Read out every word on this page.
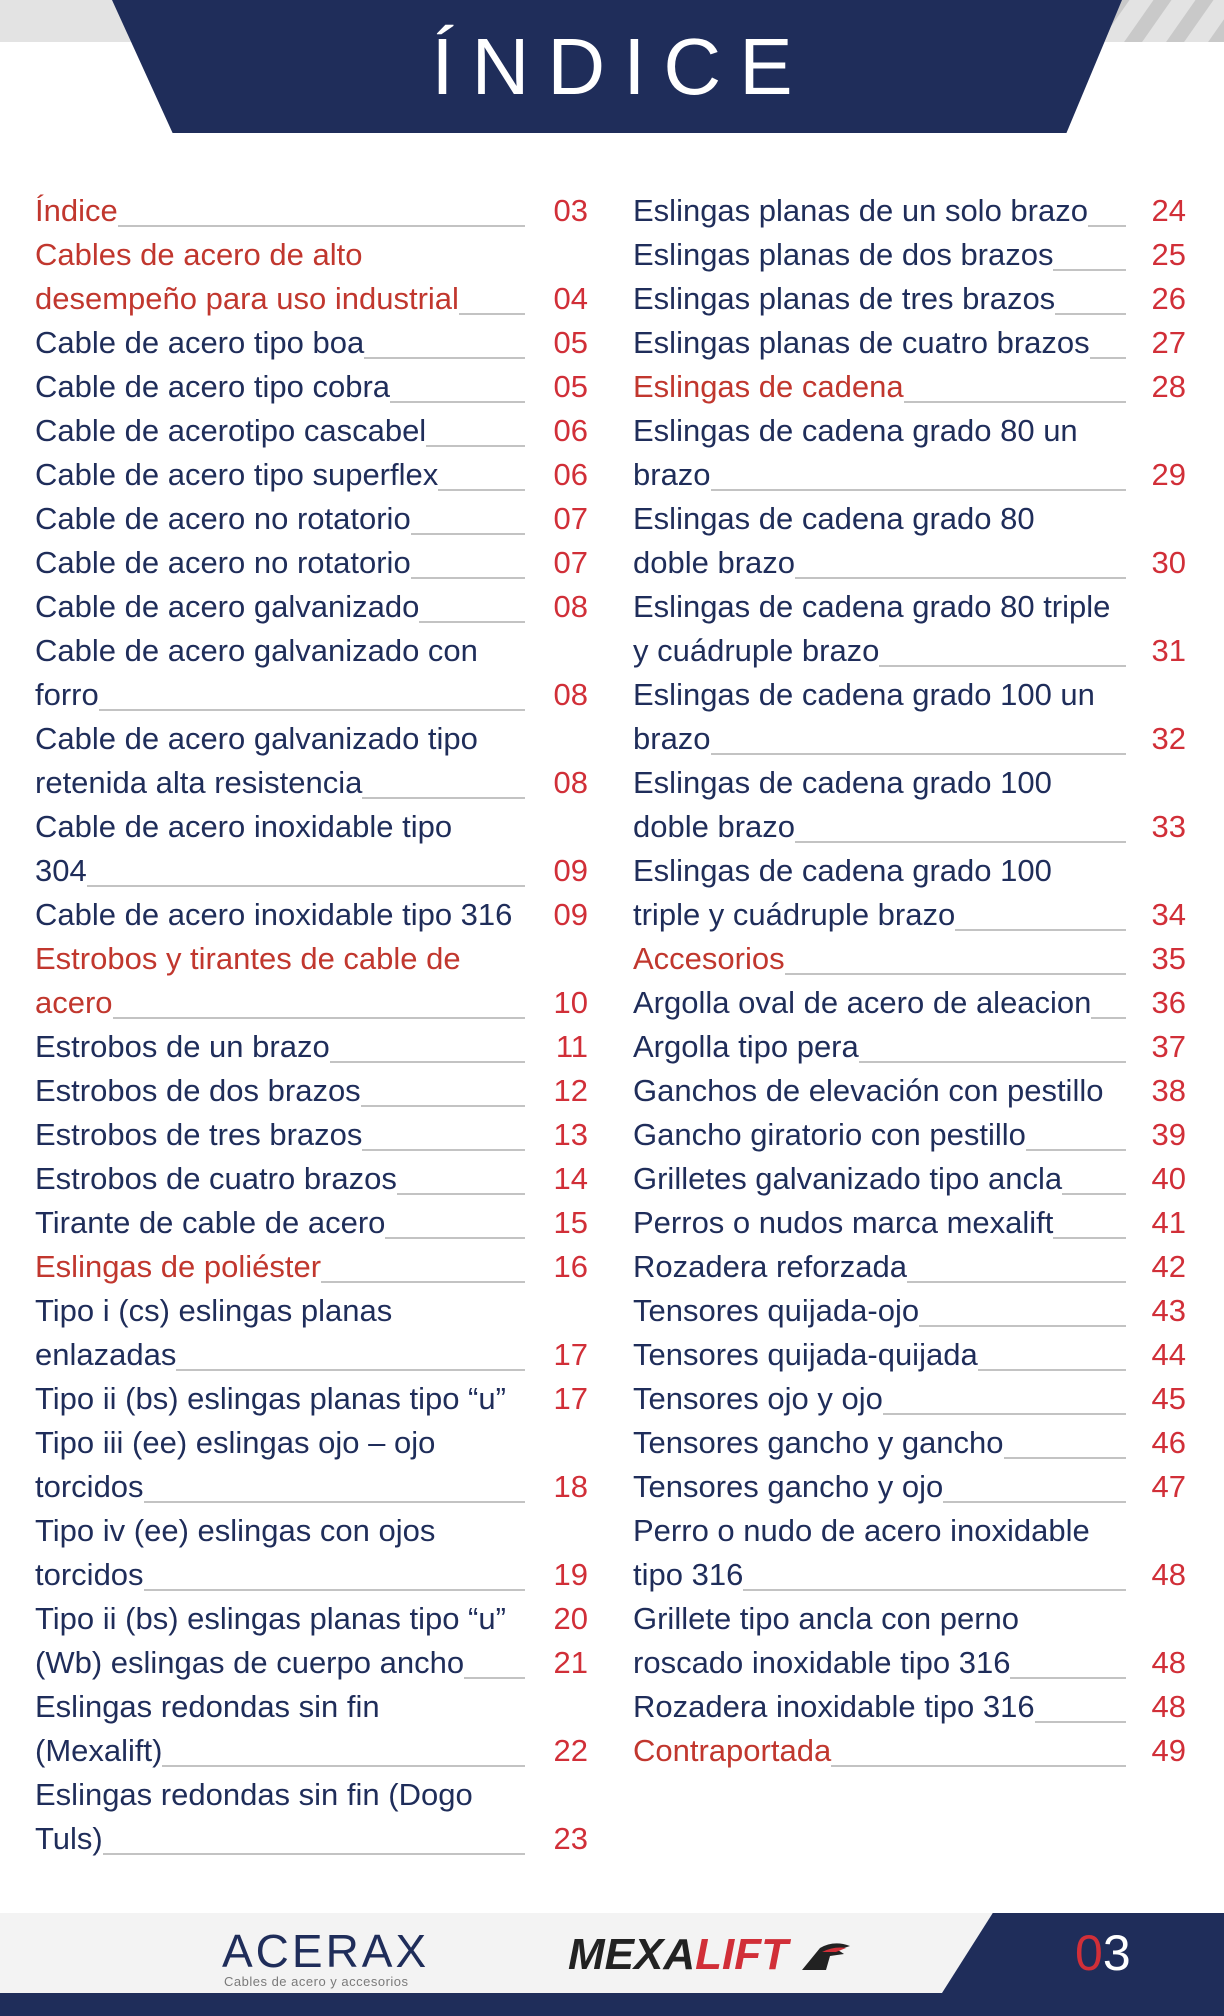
ÍNDICE
Índice	03
Cables de acero de alto
desempeño para uso industrial	04
Cable de acero tipo boa	05
Cable de acero tipo cobra	05
Cable de acerotipo cascabel	06
Cable de acero tipo superflex	06
Cable de acero no rotatorio	07
Cable de acero no rotatorio	07
Cable de acero galvanizado	08
Cable de acero galvanizado con
forro	08
Cable de acero galvanizado tipo
retenida alta resistencia	08
Cable de acero inoxidable tipo
304	09
Cable de acero inoxidable tipo 316	09
Estrobos y tirantes de cable de
acero	10
Estrobos de un brazo	11
Estrobos de dos brazos	12
Estrobos de tres brazos	13
Estrobos de cuatro brazos	14
Tirante de cable de acero	15
Eslingas de poliéster	16
Tipo i (cs) eslingas planas
enlazadas	17
Tipo ii (bs) eslingas planas tipo “u”	17
Tipo iii (ee) eslingas ojo – ojo
torcidos	18
Tipo iv (ee) eslingas con ojos
torcidos	19
Tipo ii (bs) eslingas planas tipo “u”	20
(Wb) eslingas de cuerpo ancho	21
Eslingas redondas sin fin
(Mexalift)	22
Eslingas redondas sin fin (Dogo
Tuls)	23
Eslingas planas de un solo brazo	24
Eslingas planas de dos brazos	25
Eslingas planas de tres brazos	26
Eslingas planas de cuatro brazos	27
Eslingas de cadena	28
Eslingas de cadena grado 80 un
brazo	29
Eslingas de cadena grado 80
doble brazo	30
Eslingas de cadena grado 80 triple
y cuádruple brazo	31
Eslingas de cadena grado 100 un
brazo	32
Eslingas de cadena grado 100
doble brazo	33
Eslingas de cadena grado 100
triple y cuádruple brazo	34
Accesorios	35
Argolla oval de acero de aleacion	36
Argolla tipo pera	37
Ganchos de elevación con pestillo	38
Gancho giratorio con pestillo	39
Grilletes galvanizado tipo ancla	40
Perros o nudos marca mexalift	41
Rozadera reforzada	42
Tensores quijada-ojo	43
Tensores quijada-quijada	44
Tensores ojo y ojo	45
Tensores gancho y gancho	46
Tensores gancho y ojo	47
Perro o nudo de acero inoxidable
tipo 316	48
Grillete tipo ancla con perno
roscado inoxidable tipo 316	48
Rozadera inoxidable tipo 316	48
Contraportada	49
ACERAX
Cables de acero y accesorios
MEXALIFT	03
